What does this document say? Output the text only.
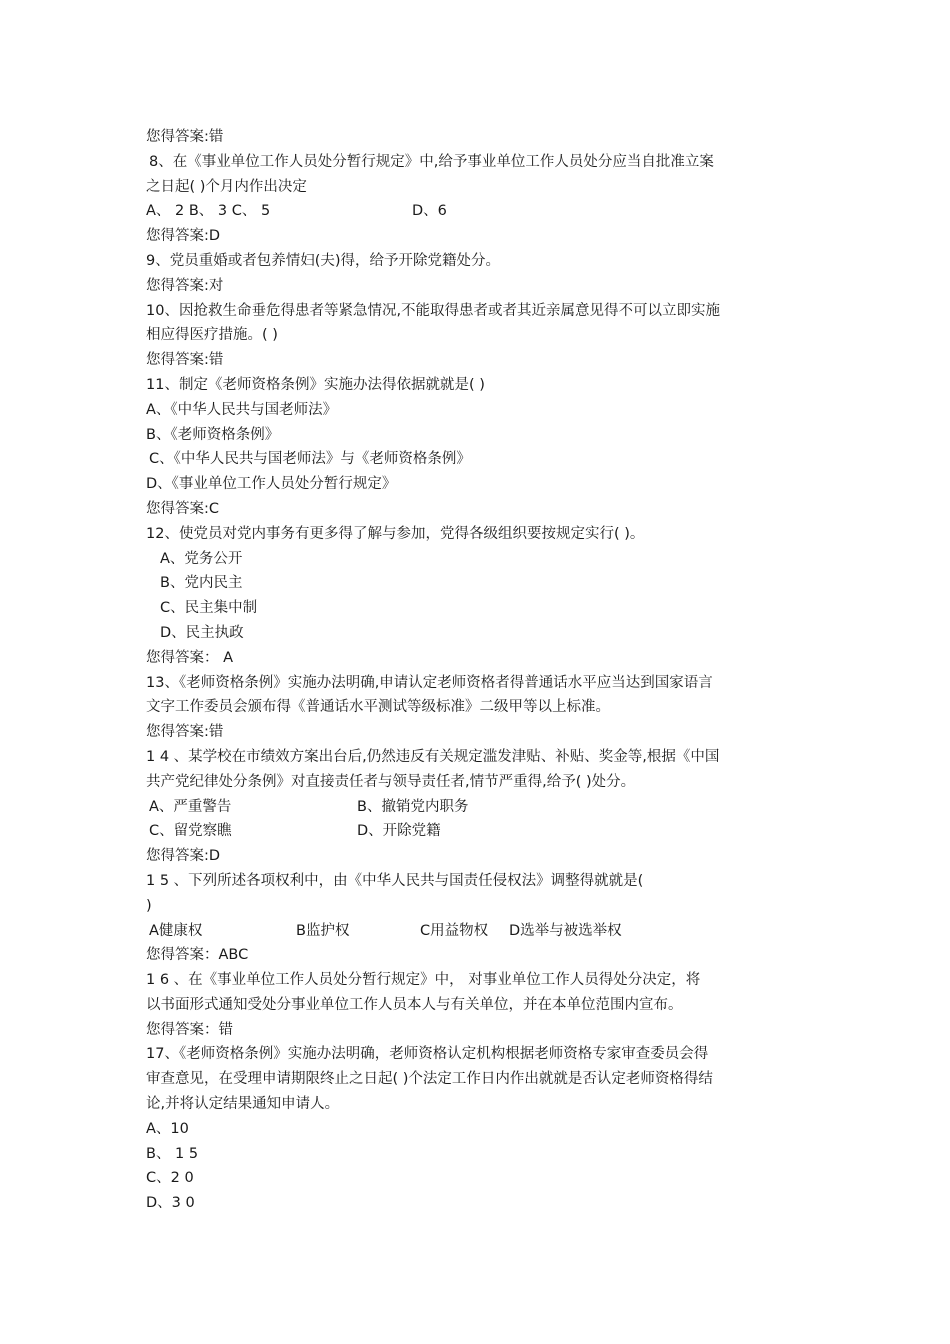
您得答案:错
8、在《事业单位工作人员处分暂行规定》中,给予事业单位工作人员处分应当自批准立案
之日起( )个月内作出决定
A、 2 B、 3 C、 5	D、6
您得答案:D
9、党员重婚或者包养情妇(夫)得，给予开除党籍处分。
您得答案:对
10、因抢救生命垂危得患者等紧急情况,不能取得患者或者其近亲属意见得不可以立即实施
相应得医疗措施。( )
您得答案:错
11、制定《老师资格条例》实施办法得依据就就是( )
A、《中华人民共与国老师法》
B、《老师资格条例》
C、《中华人民共与国老师法》与《老师资格条例》
D、《事业单位工作人员处分暂行规定》
您得答案:C
12、使党员对党内事务有更多得了解与参加，党得各级组织要按规定实行( )。
A、党务公开
B、党内民主
C、民主集中制
D、民主执政
您得答案： A
13、《老师资格条例》实施办法明确,申请认定老师资格者得普通话水平应当达到国家语言
文字工作委员会颁布得《普通话水平测试等级标准》二级甲等以上标准。
您得答案:错
1 4 、某学校在市绩效方案出台后,仍然违反有关规定滥发津贴、补贴、奖金等,根据《中国
共产党纪律处分条例》对直接责任者与领导责任者,情节严重得,给予( )处分。
A、严重警告	B、撤销党内职务
C、留党察瞧	D、开除党籍
您得答案:D
1 5 、下列所述各项权利中，由《中华人民共与国责任侵权法》调整得就就是(
)
A健康权	B监护权	C用益物权	D选举与被选举权
您得答案：ABC
1 6 、在《事业单位工作人员处分暂行规定》中， 对事业单位工作人员得处分决定，将
以书面形式通知受处分事业单位工作人员本人与有关单位，并在本单位范围内宣布。
您得答案：错
17、《老师资格条例》实施办法明确，老师资格认定机构根据老师资格专家审查委员会得
审查意见，在受理申请期限终止之日起( )个法定工作日内作出就就是否认定老师资格得结
论,并将认定结果通知申请人。
A、10
B、 1 5
C、2 0
D、3 0
